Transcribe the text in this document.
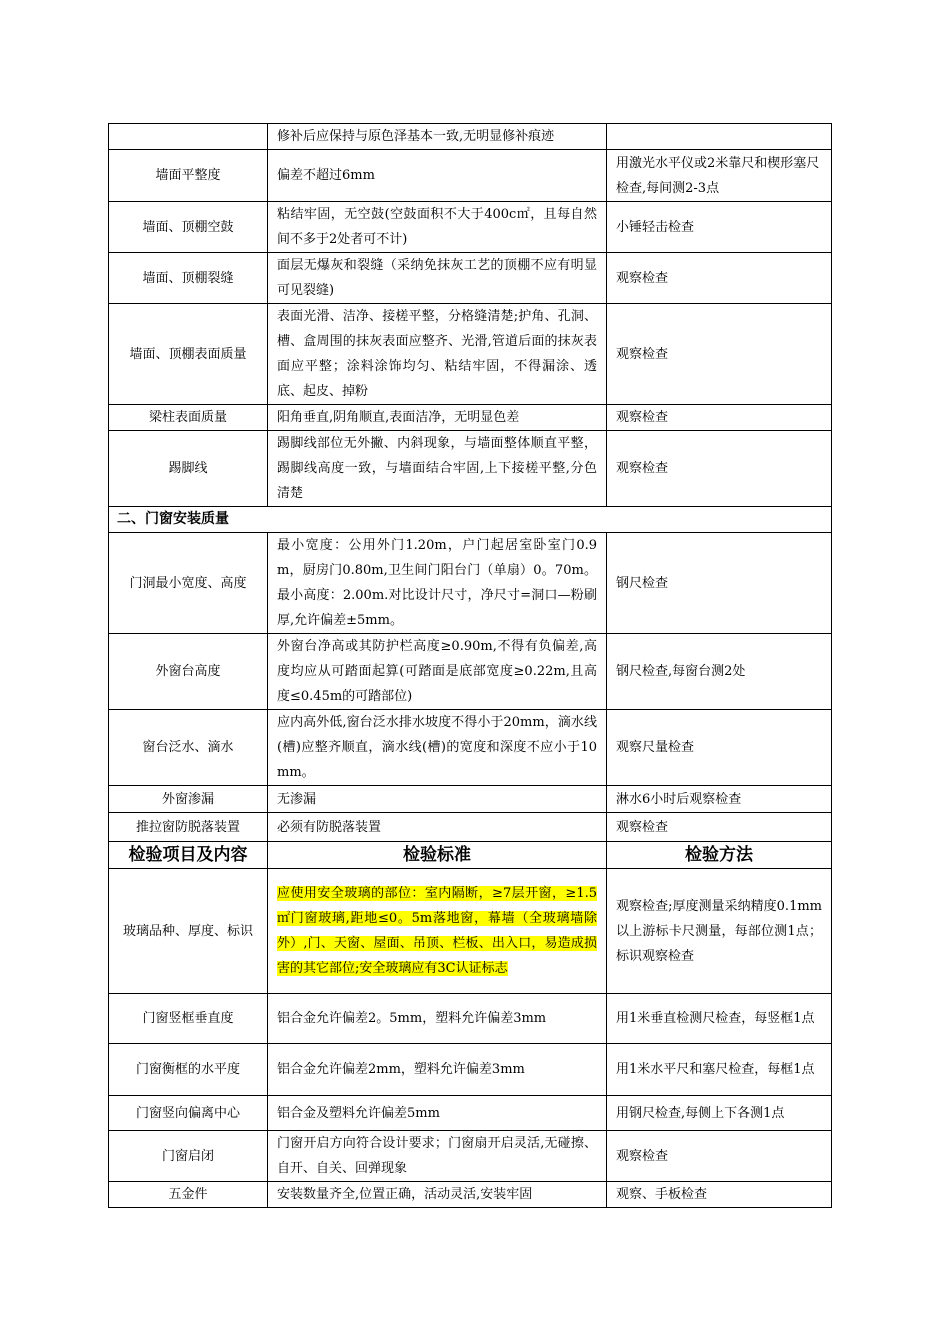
	修补后应保持与原色泽基本一致,无明显修补痕迹	
墙面平整度	偏差不超过6mm	用激光水平仪或2米靠尺和楔形塞尺检查,每间测2-3点
墙面、顶棚空鼓	粘结牢固，无空鼓(空鼓面积不大于400c㎡，且每自然间不多于2处者可不计)	小锤轻击检查
墙面、顶棚裂缝	面层无爆灰和裂缝（采纳免抹灰工艺的顶棚不应有明显可见裂缝)	观察检查
墙面、顶棚表面质量	表面光滑、洁净、接槎平整，分格缝清楚;护角、孔洞、槽、盒周围的抹灰表面应整齐、光滑,管道后面的抹灰表面应平整；涂料涂饰均匀、粘结牢固，不得漏涂、透底、起皮、掉粉	观察检查
梁柱表面质量	阳角垂直,阴角顺直,表面洁净，无明显色差	观察检查
踢脚线	踢脚线部位无外撇、内斜现象，与墙面整体顺直平整，踢脚线高度一致，与墙面结合牢固,上下接槎平整,分色清楚	观察检查
二、门窗安装质量		
门洞最小宽度、高度	最小宽度：公用外门1.20m，户门起居室卧室门0.9m，厨房门0.80m,卫生间门阳台门（单扇）0。70m。最小高度：2.00m.对比设计尺寸，净尺寸=洞口—粉刷厚,允许偏差±5mm。	钢尺检查
外窗台高度	外窗台净高或其防护栏高度≥0.90m,不得有负偏差,高度均应从可踏面起算(可踏面是底部宽度≥0.22m,且高度≤0.45m的可踏部位)	钢尺检查,每窗台测2处
窗台泛水、滴水	应内高外低,窗台泛水排水坡度不得小于20mm，滴水线(槽)应整齐顺直，滴水线(槽)的宽度和深度不应小于10mm。	观察尺量检查
外窗渗漏	无渗漏	淋水6小时后观察检查
推拉窗防脱落装置	必须有防脱落装置	观察检查
检验项目及内容	检验标准	检验方法
玻璃品种、厚度、标识	应使用安全玻璃的部位：室内隔断，≥7层开窗，≥1.5㎡门窗玻璃,距地≤0。5m落地窗，幕墙（全玻璃墙除外）,门、天窗、屋面、吊顶、栏板、出入口，易造成损害的其它部位;安全玻璃应有3C认证标志	观察检查;厚度测量采纳精度0.1mm以上游标卡尺测量，每部位测1点；标识观察检查
门窗竖框垂直度	铝合金允许偏差2。5mm，塑料允许偏差3mm	用1米垂直检测尺检查，每竖框1点
门窗衡框的水平度	铝合金允许偏差2mm，塑料允许偏差3mm	用1米水平尺和塞尺检查，每框1点
门窗竖向偏离中心	铝合金及塑料允许偏差5mm	用钢尺检查,每侧上下各测1点
门窗启闭	门窗开启方向符合设计要求；门窗扇开启灵活,无碰擦、自开、自关、回弹现象	观察检查
五金件	安装数量齐全,位置正确，活动灵活,安装牢固	观察、手板检查
